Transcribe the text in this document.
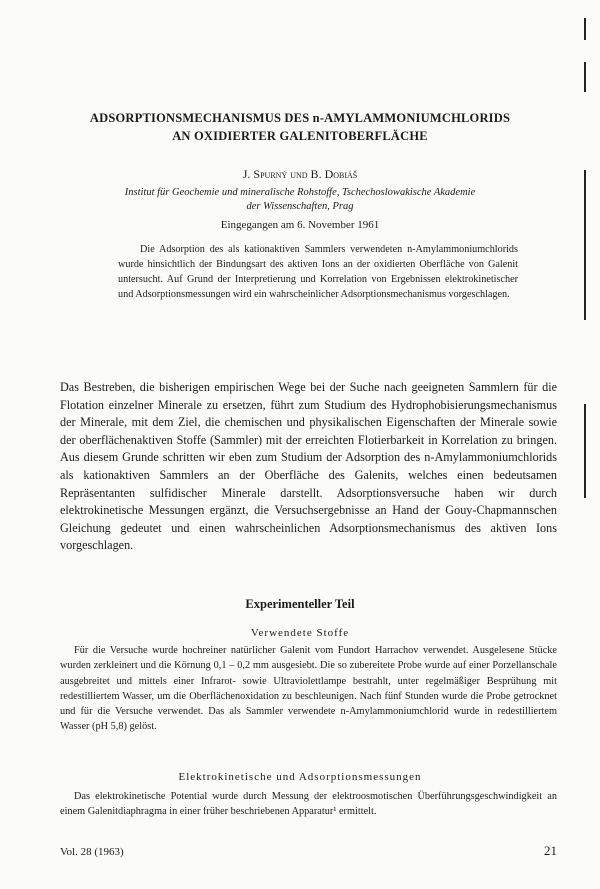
ADSORPTIONSMECHANISMUS DES n-AMYLAMMONIUMCHLORIDS
AN OXIDIERTER GALENITOBERFLÄCHE
J. Spurný und B. Dobiáš
Institut für Geochemie und mineralische Rohstoffe, Tschechoslowakische Akademie
der Wissenschaften, Prag
Eingegangen am 6. November 1961

Die Adsorption des als kationaktiven Sammlers verwendeten n-Amylammoniumchlorids wurde hinsichtlich der Bindungsart des aktiven Ions an der oxidierten Oberfläche von Galenit untersucht. Auf Grund der Interpretierung und Korrelation von Ergebnissen elektrokinetischer und Adsorptionsmessungen wird ein wahrscheinlicher Adsorptionsmechanismus vorgeschlagen.

Das Bestreben, die bisherigen empirischen Wege bei der Suche nach geeigneten Sammlern für die Flotation einzelner Minerale zu ersetzen, führt zum Studium des Hydrophobisierungsmechanismus der Minerale, mit dem Ziel, die chemischen und physikalischen Eigenschaften der Minerale sowie der oberflächenaktiven Stoffe (Sammler) mit der erreichten Flotierbarkeit in Korrelation zu bringen. Aus diesem Grunde schritten wir eben zum Studium der Adsorption des n-Amylammoniumchlorids als kationaktiven Sammlers an der Oberfläche des Galenits, welches einen bedeutsamen Repräsentanten sulfidischer Minerale darstellt. Adsorptionsversuche haben wir durch elektrokinetische Messungen ergänzt, die Versuchsergebnisse an Hand der Gouy-Chapmannschen Gleichung gedeutet und einen wahrscheinlichen Adsorptionsmechanismus des aktiven Ions vorgeschlagen.

Experimenteller Teil
Verwendete Stoffe

Für die Versuche wurde hochreiner natürlicher Galenit vom Fundort Harrachov verwendet. Ausgelesene Stücke wurden zerkleinert und die Körnung 0,1 – 0,2 mm ausgesiebt. Die so zubereitete Probe wurde auf einer Porzellanschale ausgebreitet und mittels einer Infrarot- sowie Ultraviolettlampe bestrahlt, unter regelmäßiger Besprühung mit redestilliertem Wasser, um die Oberflächenoxidation zu beschleunigen. Nach fünf Stunden wurde die Probe getrocknet und für die Versuche verwendet. Das als Sammler verwendete n-Amylammoniumchlorid wurde in redestilliertem Wasser (pH 5,8) gelöst.

Elektrokinetische und Adsorptionsmessungen

Das elektrokinetische Potential wurde durch Messung der elektroosmotischen Überführungsgeschwindigkeit an einem Galenitdiaphragma in einer früher beschriebenen Apparatur¹ ermittelt.

Vol. 28 (1963)	21
